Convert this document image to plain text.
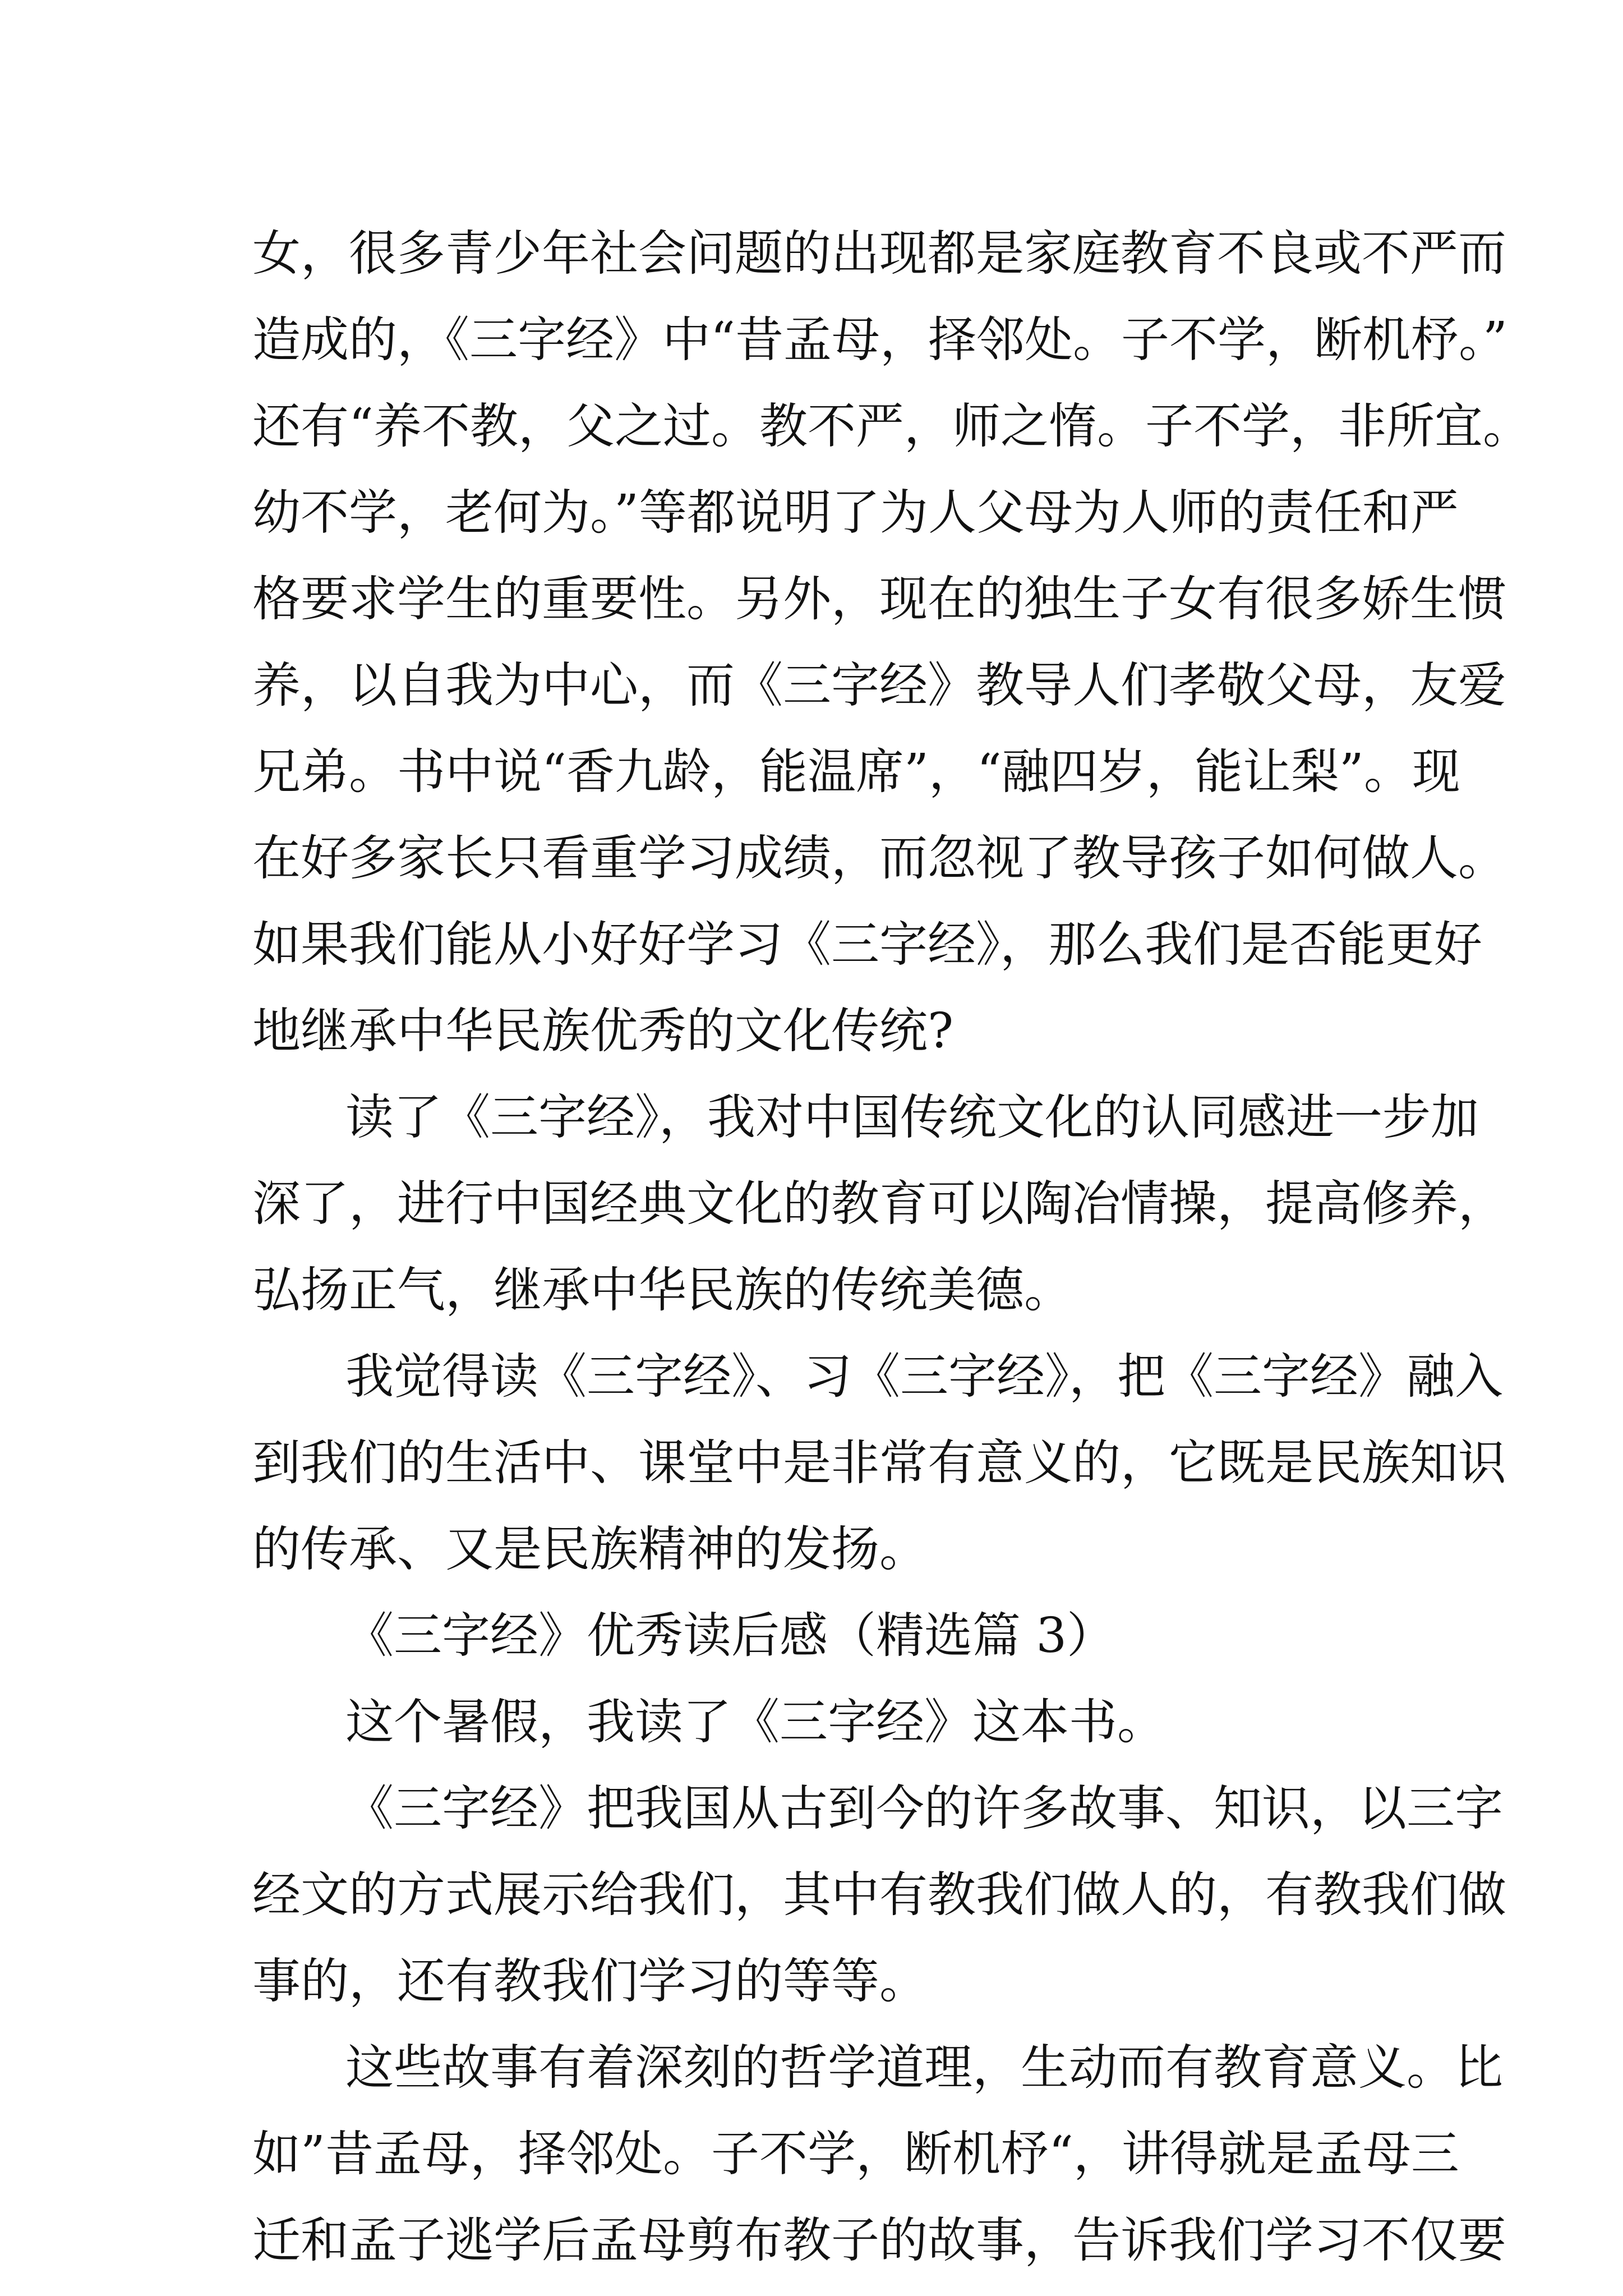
女，很多青少年社会问题的出现都是家庭教育不良或不严而
造成的，《三字经》中“昔孟母，择邻处。子不学，断机杼。”
还有“养不教，父之过。教不严，师之惰。子不学，非所宜。
幼不学，老何为。”等都说明了为人父母为人师的责任和严
格要求学生的重要性。另外，现在的独生子女有很多娇生惯
养，以自我为中心，而《三字经》教导人们孝敬父母，友爱
兄弟。书中说“香九龄，能温席”，“融四岁，能让梨”。现
在好多家长只看重学习成绩，而忽视了教导孩子如何做人。
如果我们能从小好好学习《三字经》，那么我们是否能更好
地继承中华民族优秀的文化传统?
读了《三字经》，我对中国传统文化的认同感进一步加
深了，进行中国经典文化的教育可以陶冶情操，提高修养，
弘扬正气，继承中华民族的传统美德。
我觉得读《三字经》、习《三字经》，把《三字经》融入
到我们的生活中、课堂中是非常有意义的，它既是民族知识
的传承、又是民族精神的发扬。
《三字经》优秀读后感（精选篇 3）
这个暑假，我读了《三字经》这本书。
《三字经》把我国从古到今的许多故事、知识，以三字
经文的方式展示给我们，其中有教我们做人的，有教我们做
事的，还有教我们学习的等等。
这些故事有着深刻的哲学道理，生动而有教育意义。比
如”昔孟母，择邻处。子不学，断机杼“，讲得就是孟母三
迁和孟子逃学后孟母剪布教子的故事，告诉我们学习不仅要
